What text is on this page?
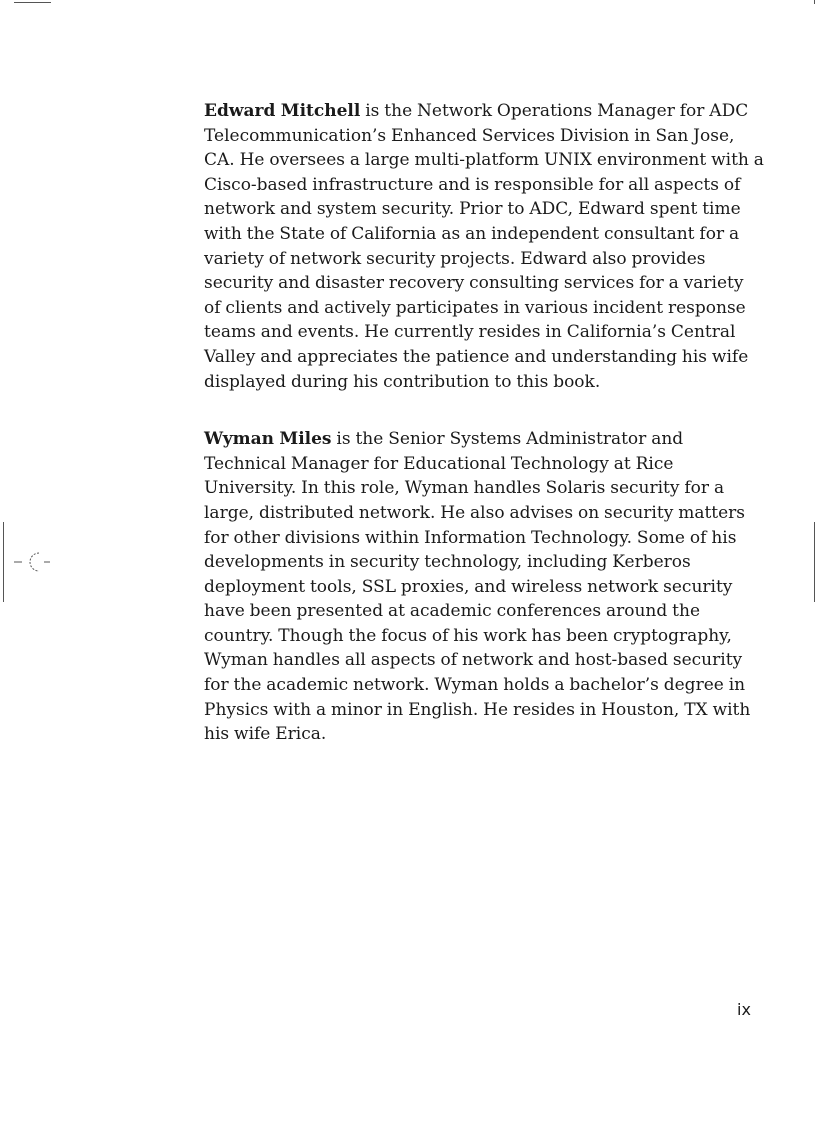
Edward Mitchell is the Network Operations Manager for ADC Telecommunication’s Enhanced Services Division in San Jose, CA. He oversees a large multi-platform UNIX environment with a Cisco-based infrastructure and is responsible for all aspects of network and system security. Prior to ADC, Edward spent time with the State of California as an independent consultant for a variety of network security projects. Edward also provides security and disaster recovery consulting services for a variety of clients and actively participates in various incident response teams and events. He currently resides in California’s Central Valley and appreciates the patience and understanding his wife displayed during his contribution to this book.

Wyman Miles is the Senior Systems Administrator and Technical Manager for Educational Technology at Rice University. In this role, Wyman handles Solaris security for a large, distributed network. He also advises on security matters for other divisions within Information Technology. Some of his developments in security technology, including Kerberos deployment tools, SSL proxies, and wireless network security have been presented at academic conferences around the country. Though the focus of his work has been cryptography, Wyman handles all aspects of network and host-based security for the academic network. Wyman holds a bachelor’s degree in Physics with a minor in English. He resides in Houston, TX with his wife Erica.

ix
